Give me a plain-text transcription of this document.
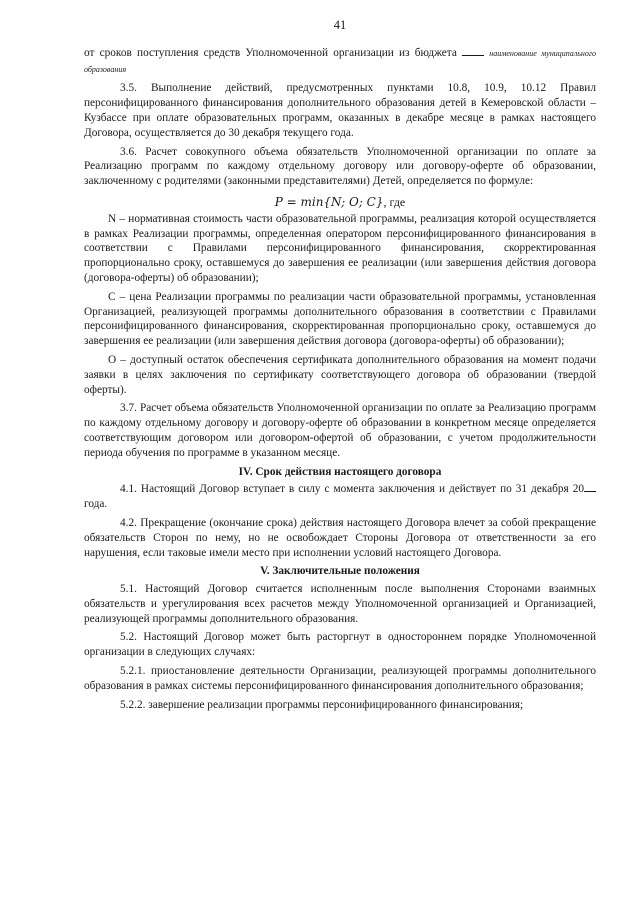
41

от сроков поступления средств Уполномоченной организации из бюджета	наименование муниципального образования

3.5. Выполнение действий, предусмотренных пунктами 10.8, 10.9, 10.12 Правил персонифицированного финансирования дополнительного образования детей в Кемеровской области – Кузбассе при оплате образовательных программ, оказанных в декабре месяце в рамках настоящего Договора, осуществляется до 30 декабря текущего года.

3.6. Расчет совокупного объема обязательств Уполномоченной организации по оплате за Реализацию программ по каждому отдельному договору или договору-оферте об образовании, заключенному с родителями (законными представителями) Детей, определяется по формуле:

P = min{N; O; C}, где

N – нормативная стоимость части образовательной программы, реализация которой осуществляется в рамках Реализации программы, определенная оператором персонифицированного финансирования в соответствии с Правилами персонифицированного финансирования, скорректированная пропорционально сроку, оставшемуся до завершения ее реализации (или завершения действия договора (договора-оферты) об образовании);

C – цена Реализации программы по реализации части образовательной программы, установленная Организацией, реализующей программы дополнительного образования в соответствии с Правилами персонифицированного финансирования, скорректированная пропорционально сроку, оставшемуся до завершения ее реализации (или завершения действия договора (договора-оферты) об образовании);

O – доступный остаток обеспечения сертификата дополнительного образования на момент подачи заявки в целях заключения по сертификату соответствующего договора об образовании (твердой оферты).

3.7. Расчет объема обязательств Уполномоченной организации по оплате за Реализацию программ по каждому отдельному договору и договору-оферте об образовании в конкретном месяце определяется соответствующим договором или договором-офертой об образовании, с учетом продолжительности периода обучения по программе в указанном месяце.

IV. Срок действия настоящего договора

4.1. Настоящий Договор вступает в силу с момента заключения и действует по 31 декабря 20 года.

4.2. Прекращение (окончание срока) действия настоящего Договора влечет за собой прекращение обязательств Сторон по нему, но не освобождает Стороны Договора от ответственности за его нарушения, если таковые имели место при исполнении условий настоящего Договора.

V. Заключительные положения

5.1. Настоящий Договор считается исполненным после выполнения Сторонами взаимных обязательств и урегулирования всех расчетов между Уполномоченной организацией и Организацией, реализующей программы дополнительного образования.

5.2. Настоящий Договор может быть расторгнут в одностороннем порядке Уполномоченной организации в следующих случаях:

5.2.1. приостановление деятельности Организации, реализующей программы дополнительного образования в рамках системы персонифицированного финансирования дополнительного образования;

5.2.2. завершение реализации программы персонифицированного финансирования;
